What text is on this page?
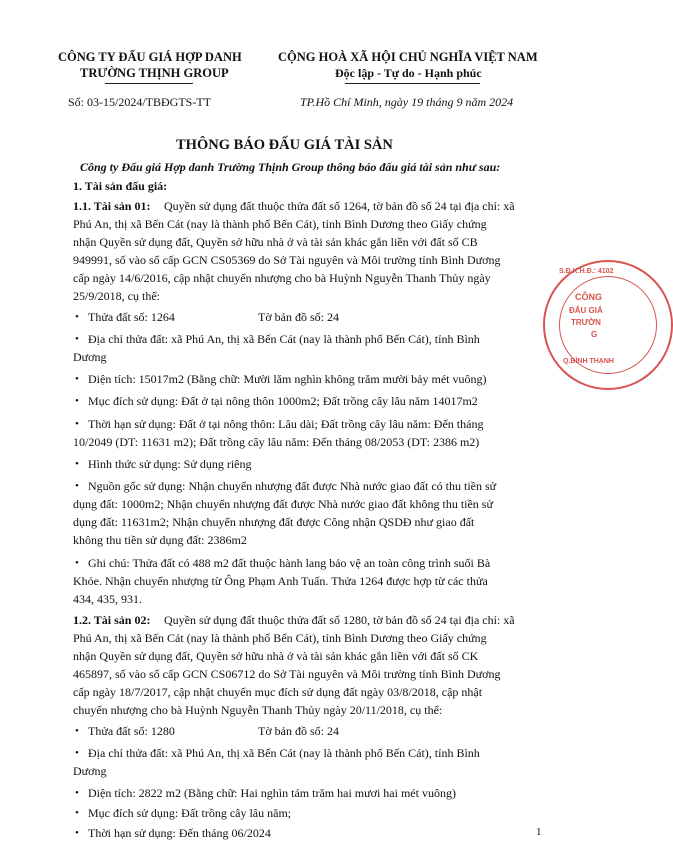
CÔNG TY ĐẤU GIÁ HỢP DANH
TRƯỜNG THỊNH GROUP
Số: 03-15/2024/TBĐGTS-TT
CỘNG HOÀ XÃ HỘI CHỦ NGHĨA VIỆT NAM
Độc lập - Tự do - Hạnh phúc
TP.Hồ Chí Minh, ngày 19 tháng 9 năm 2024
THÔNG BÁO ĐẤU GIÁ TÀI SẢN
Công ty Đấu giá Hợp danh Trường Thịnh Group thông báo đấu giá tài sản như sau:
1. Tài sản đấu giá:
1.1. Tài sản 01: Quyền sử dụng đất thuộc thửa đất số 1264, tờ bản đồ số 24 tại địa chỉ: xã
Phú An, thị xã Bến Cát (nay là thành phố Bến Cát), tỉnh Bình Dương theo Giấy chứng
nhận Quyền sử dụng đất, Quyền sở hữu nhà ở và tài sản khác gắn liền với đất số CB
949991, số vào sổ cấp GCN CS05369 do Sở Tài nguyên và Môi trường tỉnh Bình Dương
cấp ngày 14/6/2016, cập nhật chuyển nhượng cho bà Huỳnh Nguyễn Thanh Thủy ngày
25/9/2018, cụ thể:
• Thửa đất số: 1264	Tờ bản đồ số: 24
• Địa chỉ thửa đất: xã Phú An, thị xã Bến Cát (nay là thành phố Bến Cát), tỉnh Bình
Dương
• Diện tích: 15017m2 (Bằng chữ: Mười lăm nghìn không trăm mười bảy mét vuông)
• Mục đích sử dụng: Đất ở tại nông thôn 1000m2; Đất trồng cây lâu năm 14017m2
• Thời hạn sử dụng: Đất ở tại nông thôn: Lâu dài; Đất trồng cây lâu năm: Đến tháng
10/2049 (DT: 11631 m2); Đất trồng cây lâu năm: Đến tháng 08/2053 (DT: 2386 m2)
• Hình thức sử dụng: Sử dụng riêng
• Nguồn gốc sử dụng: Nhận chuyển nhượng đất được Nhà nước giao đất có thu tiền sử
dụng đất: 1000m2; Nhận chuyển nhượng đất được Nhà nước giao đất không thu tiền sử
dụng đất: 11631m2; Nhận chuyển nhượng đất được Công nhận QSDĐ như giao đất
không thu tiền sử dụng đất: 2386m2
• Ghi chú: Thửa đất có 488 m2 đất thuộc hành lang bảo vệ an toàn công trình suối Bà
Khỏe. Nhận chuyển nhượng từ Ông Phạm Anh Tuấn. Thửa 1264 được hợp từ các thửa
434, 435, 931.
1.2. Tài sản 02: Quyền sử dụng đất thuộc thửa đất số 1280, tờ bản đồ số 24 tại địa chỉ: xã
Phú An, thị xã Bến Cát (nay là thành phố Bến Cát), tỉnh Bình Dương theo Giấy chứng
nhận Quyền sử dụng đất, Quyền sở hữu nhà ở và tài sản khác gắn liền với đất số CK
465897, số vào sổ cấp GCN CS06712 do Sở Tài nguyên và Môi trường tỉnh Bình Dương
cấp ngày 18/7/2017, cập nhật chuyển mục đích sử dụng đất ngày 03/8/2018, cập nhật
chuyển nhượng cho bà Huỳnh Nguyễn Thanh Thủy ngày 20/11/2018, cụ thể:
• Thửa đất số: 1280	Tờ bản đồ số: 24
• Địa chỉ thửa đất: xã Phú An, thị xã Bến Cát (nay là thành phố Bến Cát), tỉnh Bình
Dương
• Diện tích: 2822 m2 (Bằng chữ: Hai nghìn tám trăm hai mươi hai mét vuông)
• Mục đích sử dụng: Đất trồng cây lâu năm;
• Thời hạn sử dụng: Đến tháng 06/2024	1
S.Đ.K.H.Đ.: 4102
CÔNG
ĐẤU GIÁ
TRƯỜN
G
Q.BÌNH THẠNH
